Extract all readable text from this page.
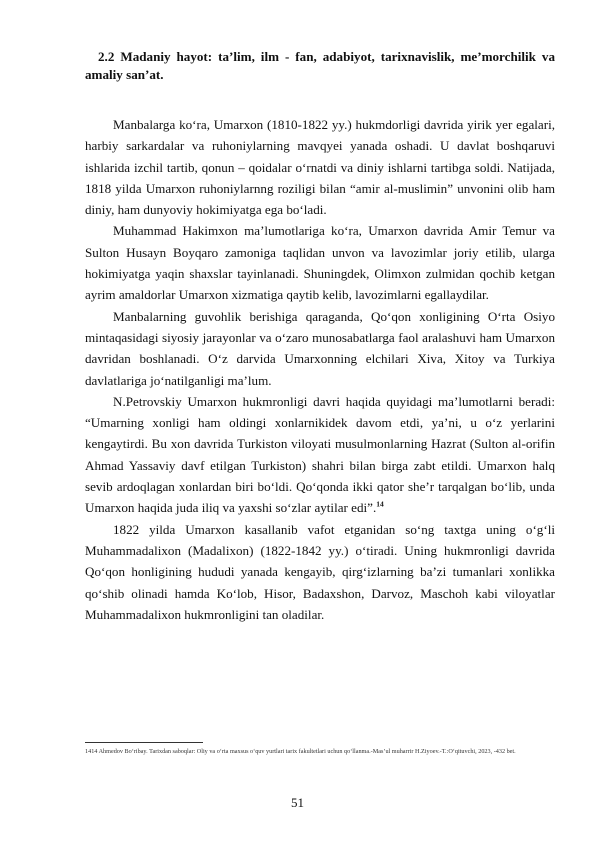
2.2 Madaniy hayot: ta’lim, ilm - fan, adabiyot, tarixnavislik, me’morchilik va amaliy san’at.

Manbalarga ko‘ra, Umarxon (1810-1822 yy.) hukmdorligi davrida yirik yer egalari, harbiy sarkardalar va ruhoniylarning mavqyei yanada oshadi. U davlat boshqaruvi ishlarida izchil tartib, qonun – qoidalar o‘rnatdi va diniy ishlarni tartibga soldi. Natijada, 1818 yilda Umarxon ruhoniylarnng roziligi bilan “amir al-muslimin” unvonini olib ham diniy, ham dunyoviy hokimiyatga ega bo‘ladi.

Muhammad Hakimxon ma’lumotlariga ko‘ra, Umarxon davrida Amir Temur va Sulton Husayn Boyqaro zamoniga taqlidan unvon va lavozimlar joriy etilib, ularga hokimiyatga yaqin shaxslar tayinlanadi. Shuningdek, Olimxon zulmidan qochib ketgan ayrim amaldorlar Umarxon xizmatiga qaytib kelib, lavozimlarni egallaydilar.

Manbalarning guvohlik berishiga qaraganda, Qo‘qon xonligining O‘rta Osiyo mintaqasidagi siyosiy jarayonlar va o‘zaro munosabatlarga faol aralashuvi ham Umarxon davridan boshlanadi. O‘z darvida Umarxonning elchilari Xiva, Xitoy va Turkiya davlatlariga jo‘natilganligi ma’lum.

N.Petrovskiy Umarxon hukmronligi davri haqida quyidagi ma’lumotlarni beradi: “Umarning xonligi ham oldingi xonlarnikidek davom etdi, ya’ni, u o‘z yerlarini kengaytirdi. Bu xon davrida Turkiston viloyati musulmonlarning Hazrat (Sulton al-orifin Ahmad Yassaviy davf etilgan Turkiston) shahri bilan birga zabt etildi. Umarxon halq sevib ardoqlagan xonlardan biri bo‘ldi. Qo‘qonda ikki qator she’r tarqalgan bo‘lib, unda Umarxon haqida juda iliq va yaxshi so‘zlar aytilar edi”.$^{14}$

1822 yilda Umarxon kasallanib vafot etganidan so‘ng taxtga uning o‘g‘li Muhammadalixon (Madalixon) (1822-1842 yy.) o‘tiradi. Uning hukmronligi davrida Qo‘qon honligining hududi yanada kengayib, qirg‘izlarning ba’zi tumanlari xonlikka qo‘shib olinadi hamda Ko‘lob, Hisor, Badaxshon, Darvoz, Maschoh kabi viloyatlar Muhammadalixon hukmronligini tan oladilar.

1414 Ahmedov Bo‘ribay. Tarixdan saboqlar: Oliy va o‘rta maxsus o‘quv yurtlari tarix fakultetlari uchun qo‘llanma.-Mas’ul muharrir H.Ziyoev.-T.:O‘qituvchi, 2023, -432 bet.
51
